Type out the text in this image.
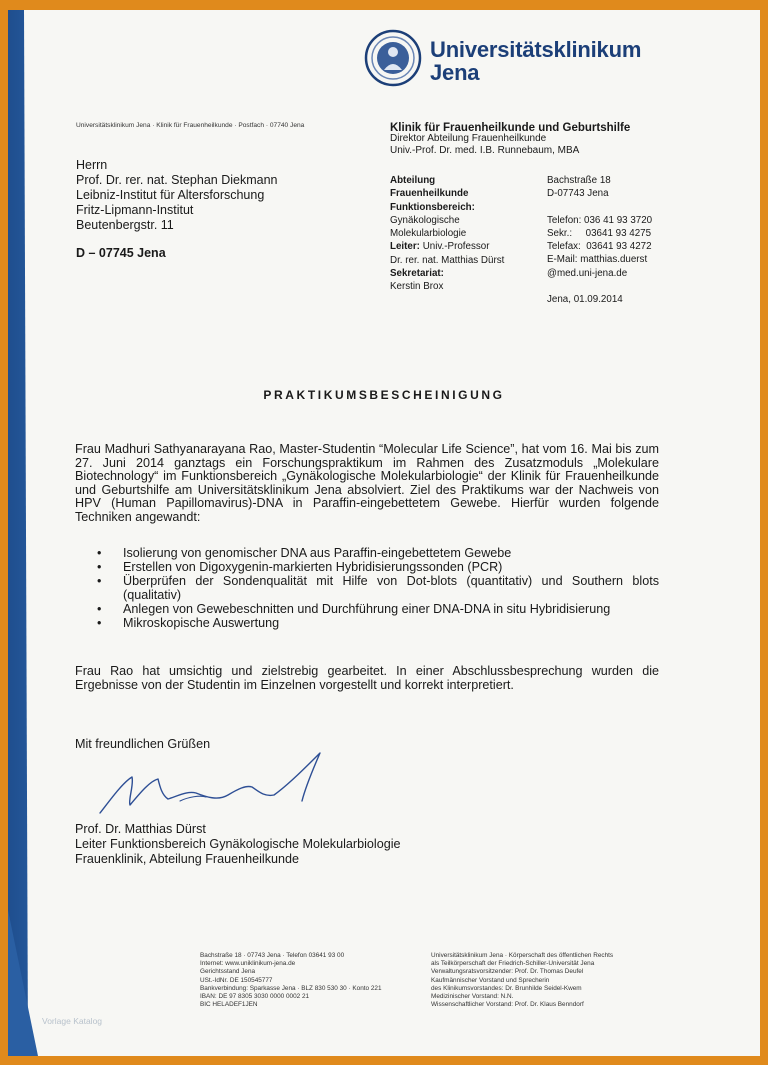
Universitätsklinikum
Jena
Universitätsklinikum Jena · Klinik für Frauenheilkunde · Postfach · 07740 Jena	Klinik für Frauenheilkunde und Geburtshilfe
Direktor Abteilung Frauenheilkunde
Univ.-Prof. Dr. med. I.B. Runnebaum, MBA
Herrn
Prof. Dr. rer. nat. Stephan Diekmann
Leibniz-Institut für Altersforschung
Fritz-Lipmann-Institut
Beutenbergstr. 11
D – 07745 Jena
Abteilung
Frauenheilkunde
Funktionsbereich:
Gynäkologische
Molekularbiologie
Leiter: Univ.-Professor
Dr. rer. nat. Matthias Dürst
Sekretariat:
Kerstin Brox
Bachstraße 18
D-07743 Jena
Telefon: 036 41 93 3720
Sekr.:     03641 93 4275
Telefax:  03641 93 4272
E-Mail: matthias.duerst
@med.uni-jena.de
Jena, 01.09.2014
PRAKTIKUMSBESCHEINIGUNG
Frau Madhuri Sathyanarayana Rao, Master-Studentin “Molecular Life Science”, hat vom 16. Mai bis zum 27. Juni 2014 ganztags ein Forschungspraktikum im Rahmen des Zusatzmoduls „Molekulare Biotechnology“ im Funktionsbereich „Gynäkologische Molekularbiologie“ der Klinik für Frauenheilkunde und Geburtshilfe am Universitätsklinikum Jena absolviert. Ziel des Praktikums war der Nachweis von HPV (Human Papillomavirus)-DNA in Paraffin-eingebettetem Gewebe. Hierfür wurden folgende Techniken angewandt:
• Isolierung von genomischer DNA aus Paraffin-eingebettetem Gewebe
• Erstellen von Digoxygenin-markierten Hybridisierungssonden (PCR)
• Überprüfen der Sondenqualität mit Hilfe von Dot-blots (quantitativ) und Southern blots (qualitativ)
• Anlegen von Gewebeschnitten und Durchführung einer DNA-DNA in situ Hybridisierung
• Mikroskopische Auswertung
Frau Rao hat umsichtig und zielstrebig gearbeitet. In einer Abschlussbesprechung wurden die Ergebnisse von der Studentin im Einzelnen vorgestellt und korrekt interpretiert.
Mit freundlichen Grüßen
Prof. Dr. Matthias Dürst
Leiter Funktionsbereich Gynäkologische Molekularbiologie
Frauenklinik, Abteilung Frauenheilkunde
Bachstraße 18 · 07743 Jena · Telefon 03641 93 00
Internet: www.uniklinikum-jena.de
Gerichtsstand Jena
USt.-IdNr. DE 150545777
Bankverbindung: Sparkasse Jena · BLZ 830 530 30 · Konto 221
IBAN: DE 97 8305 3030 0000 0002 21
BIC HELADEF1JEN
Universitätsklinikum Jena · Körperschaft des öffentlichen Rechts
als Teilkörperschaft der Friedrich-Schiller-Universität Jena
Verwaltungsratsvorsitzender: Prof. Dr. Thomas Deufel
Kaufmännischer Vorstand und Sprecherin
des Klinikumsvorstandes: Dr. Brunhilde Seidel-Kwem
Medizinischer Vorstand: N.N.
Wissenschaftlicher Vorstand: Prof. Dr. Klaus Benndorf
Vorlage Katalog
